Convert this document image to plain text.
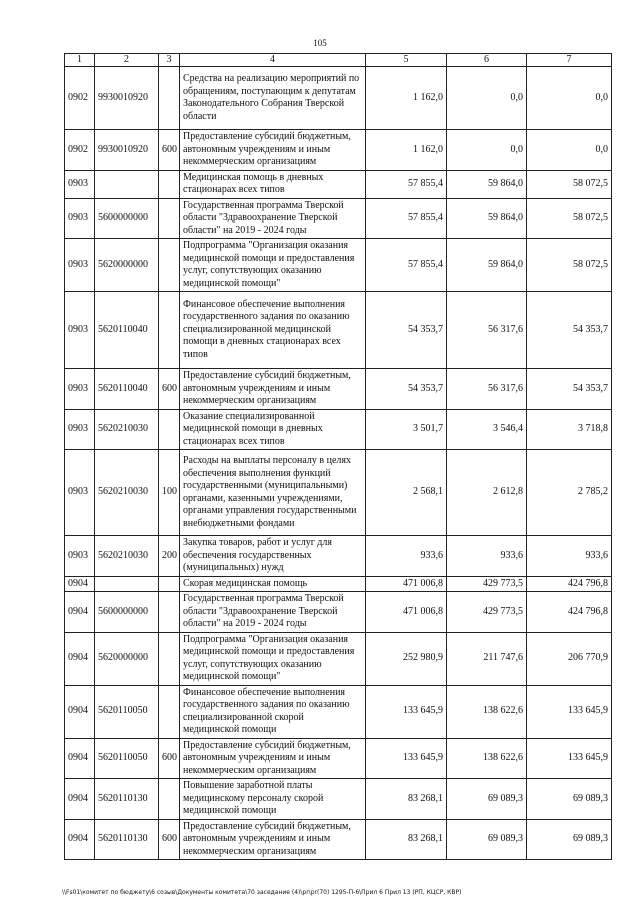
105
1	2	3	4	5	6	7
0902	9930010920		Средства на реализацию мероприятий по обращениям, поступающим к депутатам Законодательного Собрания Тверской области	1 162,0	0,0	0,0
0902	9930010920	600	Предоставление субсидий бюджетным, автономным учреждениям и иным некоммерческим организациям	1 162,0	0,0	0,0
0903			Медицинская помощь в дневных стационарах всех типов	57 855,4	59 864,0	58 072,5
0903	5600000000		Государственная программа Тверской области "Здравоохранение Тверской области" на 2019 - 2024 годы	57 855,4	59 864,0	58 072,5
0903	5620000000		Подпрограмма "Организация оказания медицинской помощи и предоставления услуг, сопутствующих оказанию медицинской помощи"	57 855,4	59 864,0	58 072,5
0903	5620110040		Финансовое обеспечение выполнения государственного задания по оказанию специализированной медицинской помощи в дневных стационарах всех типов	54 353,7	56 317,6	54 353,7
0903	5620110040	600	Предоставление субсидий бюджетным, автономным учреждениям и иным некоммерческим организациям	54 353,7	56 317,6	54 353,7
0903	5620210030		Оказание специализированной медицинской помощи в дневных стационарах всех типов	3 501,7	3 546,4	3 718,8
0903	5620210030	100	Расходы на выплаты персоналу в целях обеспечения выполнения функций государственными (муниципальными) органами, казенными учреждениями, органами управления государственными внебюджетными фондами	2 568,1	2 612,8	2 785,2
0903	5620210030	200	Закупка товаров, работ и услуг для обеспечения государственных (муниципальных) нужд	933,6	933,6	933,6
0904			Скорая медицинская помощь	471 006,8	429 773,5	424 796,8
0904	5600000000		Государственная программа Тверской области "Здравоохранение Тверской области" на 2019 - 2024 годы	471 006,8	429 773,5	424 796,8
0904	5620000000		Подпрограмма "Организация оказания медицинской помощи и предоставления услуг, сопутствующих оказанию медицинской помощи"	252 980,9	211 747,6	206 770,9
0904	5620110050		Финансовое обеспечение выполнения государственного задания по оказанию специализированной скорой медицинской помощи	133 645,9	138 622,6	133 645,9
0904	5620110050	600	Предоставление субсидий бюджетным, автономным учреждениям и иным некоммерческим организациям	133 645,9	138 622,6	133 645,9
0904	5620110130		Повышение заработной платы медицинскому персоналу скорой медицинской помощи	83 268,1	69 089,3	69 089,3
0904	5620110130	600	Предоставление субсидий бюджетным, автономным учреждениям и иным некоммерческим организациям	83 268,1	69 089,3	69 089,3
\\Fs01\комитет по бюджету\6 созыв\Документы комитета\70 заседание (4)\pr\pr(70) 1295-П-6\Прил 6 Прил 13 (РП, КЦСР, КВР)
